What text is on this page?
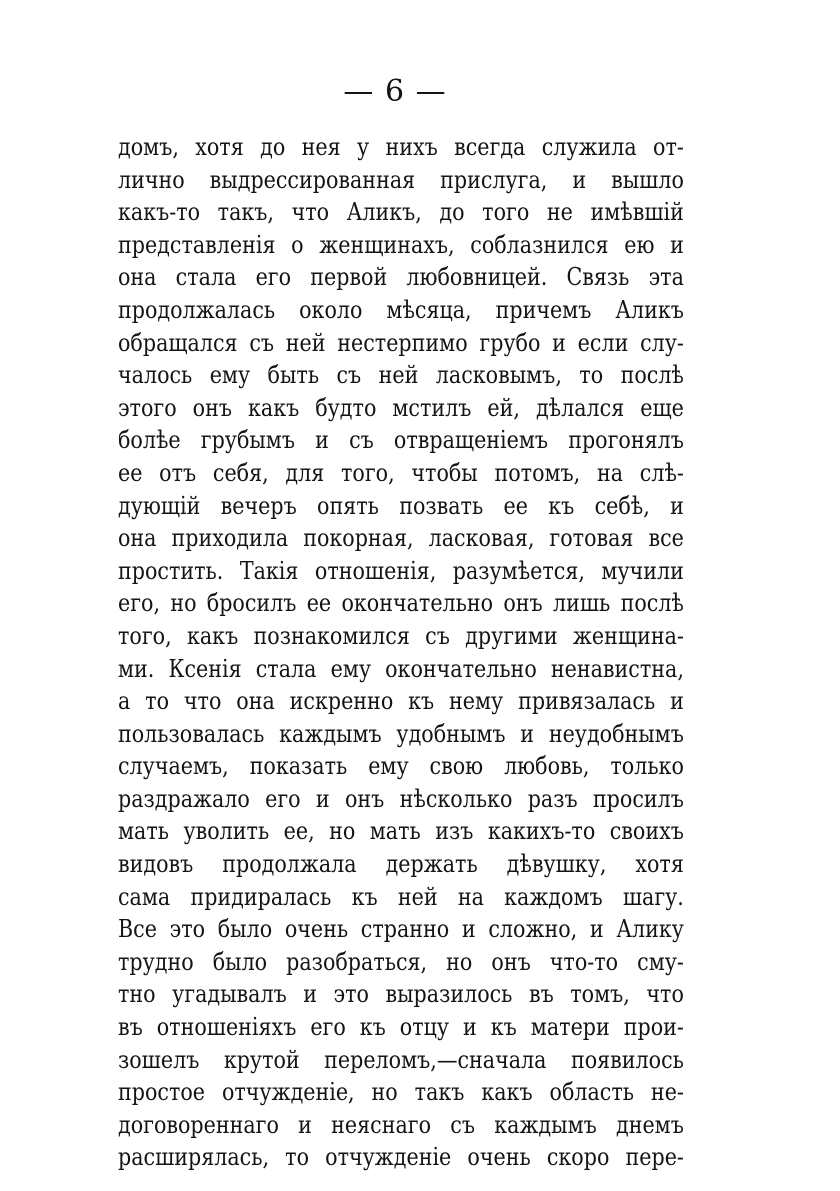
— 6 —
домъ, хотя до нея у нихъ всегда служила от-
лично выдрессированная прислуга, и вышло
какъ-то такъ, что Аликъ, до того не имѣвшій
представленія о женщинахъ, соблазнился ею и
она стала его первой любовницей. Связь эта
продолжалась около мѣсяца, причемъ Аликъ
обращался съ ней нестерпимо грубо и если слу-
чалось ему быть съ ней ласковымъ, то послѣ
этого онъ какъ будто мстилъ ей, дѣлался еще
болѣе грубымъ и съ отвращеніемъ прогонялъ
ее отъ себя, для того, чтобы потомъ, на слѣ-
дующій вечеръ опять позвать ее къ себѣ, и
она приходила покорная, ласковая, готовая все
простить. Такія отношенія, разумѣется, мучили
его, но бросилъ ее окончательно онъ лишь послѣ
того, какъ познакомился съ другими женщина-
ми. Ксенія стала ему окончательно ненавистна,
а то что она искренно къ нему привязалась и
пользовалась каждымъ удобнымъ и неудобнымъ
случаемъ, показать ему свою любовь, только
раздражало его и онъ нѣсколько разъ просилъ
мать уволить ее, но мать изъ какихъ-то своихъ
видовъ продолжала держать дѣвушку, хотя
сама придиралась къ ней на каждомъ шагу.
Все это было очень странно и сложно, и Алику
трудно было разобраться, но онъ что-то сму-
тно угадывалъ и это выразилось въ томъ, что
въ отношеніяхъ его къ отцу и къ матери прои-
зошелъ крутой переломъ,—сначала появилось
простое отчужденіе, но такъ какъ область не-
договореннаго и неяснаго съ каждымъ днемъ
расширялась, то отчужденіе очень скоро пере-
